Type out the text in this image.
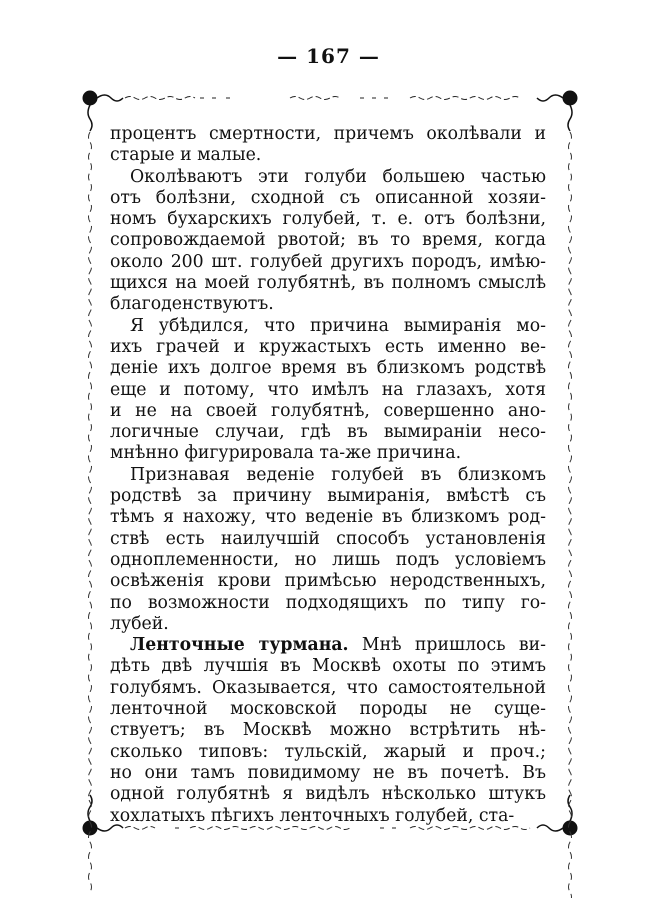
— 167 —
процентъ смертности, причемъ околѣвали и
старые и малые.
Околѣваютъ эти голуби большею частью
отъ болѣзни, сходной съ описанной хозяи-
номъ бухарскихъ голубей, т. е. отъ болѣзни,
сопровождаемой рвотой; въ то время, когда
около 200 шт. голубей другихъ породъ, имѣю-
щихся на моей голубятнѣ, въ полномъ смыслѣ
благоденствуютъ.
Я убѣдился, что причина вымиранія мо-
ихъ грачей и кружастыхъ есть именно ве-
деніе ихъ долгое время въ близкомъ родствѣ
еще и потому, что имѣлъ на глазахъ, хотя
и не на своей голубятнѣ, совершенно ано-
логичные случаи, гдѣ въ вымираніи несо-
мнѣнно фигурировала та-же причина.
Признавая веденіе голубей въ близкомъ
родствѣ за причину вымиранія, вмѣстѣ съ
тѣмъ я нахожу, что веденіе въ близкомъ род-
ствѣ есть наилучшій способъ установленія
одноплеменности, но лишь подъ условіемъ
освѣженія крови примѣсью неродственныхъ,
по возможности подходящихъ по типу го-
лубей.
Ленточные турмана. Мнѣ пришлось ви-
дѣть двѣ лучшія въ Москвѣ охоты по этимъ
голубямъ. Оказывается, что самостоятельной
ленточной московской породы не суще-
ствуетъ; въ Москвѣ можно встрѣтить нѣ-
сколько типовъ: тульскій, жарый и проч.;
но они тамъ повидимому не въ почетѣ. Въ
одной голубятнѣ я видѣлъ нѣсколько штукъ
хохлатыхъ пѣгихъ ленточныхъ голубей, ста-
